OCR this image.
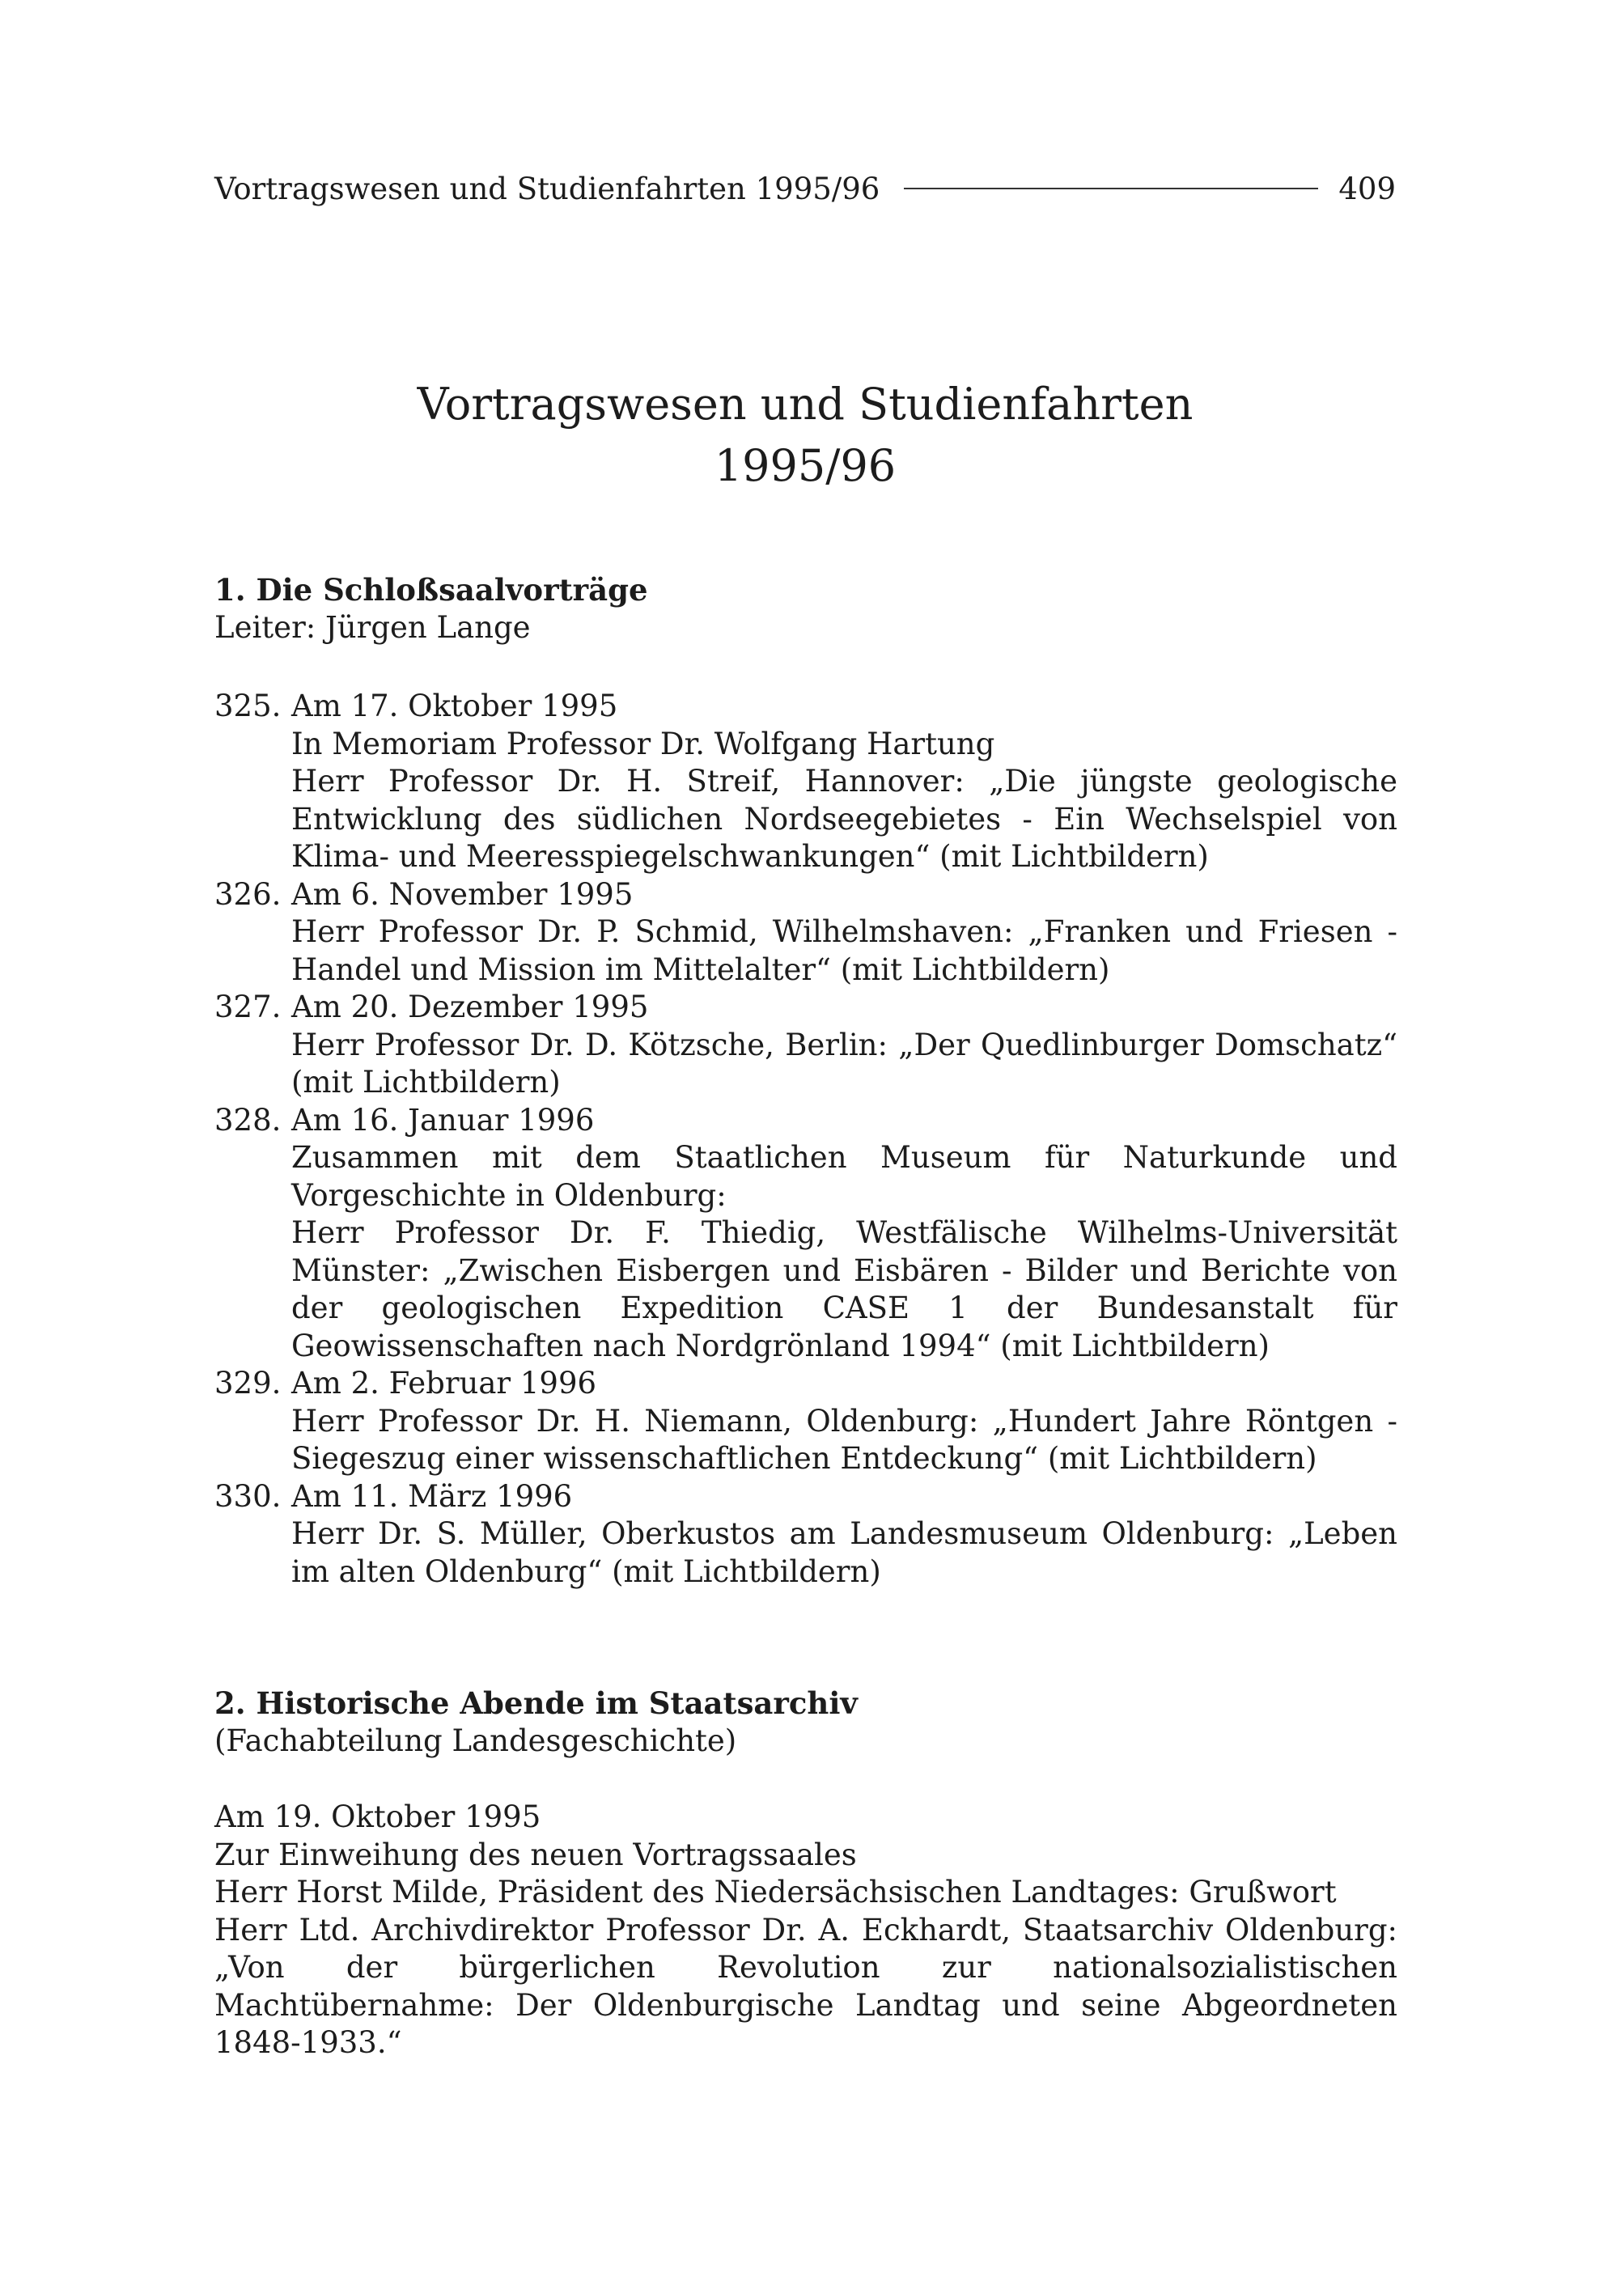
Vortragswesen und Studienfahrten 1995/96	409
Vortragswesen und Studienfahrten
1995/96

1. Die Schloßsaalvorträge

Leiter: Jürgen Lange

325. Am 17. Oktober 1995

In Memoriam Professor Dr. Wolfgang Hartung

Herr Professor Dr. H. Streif, Hannover: „Die jüngste geologische Entwicklung des südlichen Nordseegebietes - Ein Wechselspiel von Klima- und Meeresspiegelschwankungen“ (mit Lichtbildern)

326. Am 6. November 1995

Herr Professor Dr. P. Schmid, Wilhelmshaven: „Franken und Friesen - Handel und Mission im Mittelalter“ (mit Lichtbildern)

327. Am 20. Dezember 1995

Herr Professor Dr. D. Kötzsche, Berlin: „Der Quedlinburger Domschatz“ (mit Lichtbildern)

328. Am 16. Januar 1996

Zusammen mit dem Staatlichen Museum für Naturkunde und Vorgeschichte in Oldenburg:

Herr Professor Dr. F. Thiedig, Westfälische Wilhelms-Universität Münster: „Zwischen Eisbergen und Eisbären - Bilder und Berichte von der geologischen Expedition CASE 1 der Bundesanstalt für Geowissenschaften nach Nordgrönland 1994“ (mit Lichtbildern)

329. Am 2. Februar 1996

Herr Professor Dr. H. Niemann, Oldenburg: „Hundert Jahre Röntgen - Siegeszug einer wissenschaftlichen Entdeckung“ (mit Lichtbildern)

330. Am 11. März 1996

Herr Dr. S. Müller, Oberkustos am Landesmuseum Oldenburg: „Leben im alten Oldenburg“ (mit Lichtbildern)

2. Historische Abende im Staatsarchiv

(Fachabteilung Landesgeschichte)

Am 19. Oktober 1995

Zur Einweihung des neuen Vortragssaales

Herr Horst Milde, Präsident des Niedersächsischen Landtages: Grußwort

Herr Ltd. Archivdirektor Professor Dr. A. Eckhardt, Staatsarchiv Oldenburg: „Von der bürgerlichen Revolution zur nationalsozialistischen Machtübernahme: Der Oldenburgische Landtag und seine Abgeordneten 1848-1933.“
